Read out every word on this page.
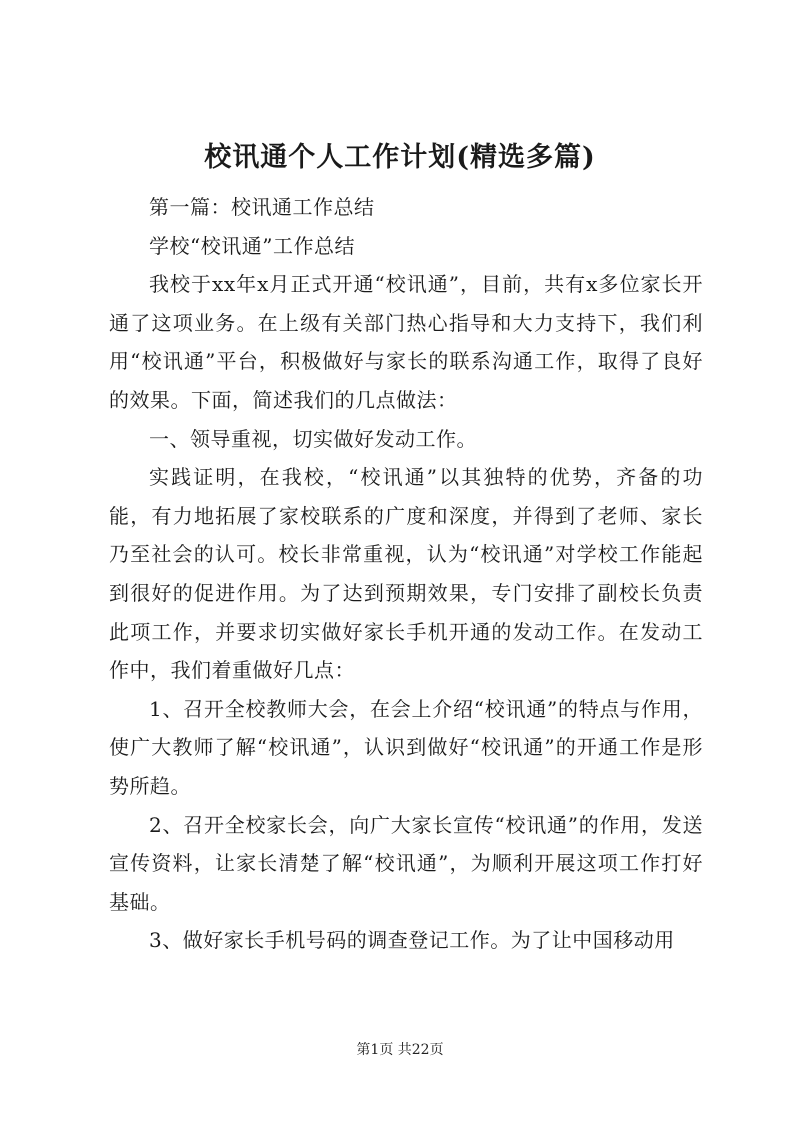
校讯通个人工作计划(精选多篇)

第一篇：校讯通工作总结

学校“校讯通”工作总结

我校于xx年x月正式开通“校讯通”，目前，共有x多位家长开通了这项业务。在上级有关部门热心指导和大力支持下，我们利用“校讯通”平台，积极做好与家长的联系沟通工作，取得了良好的效果。下面，简述我们的几点做法：

一、领导重视，切实做好发动工作。

实践证明，在我校，“校讯通”以其独特的优势，齐备的功能，有力地拓展了家校联系的广度和深度，并得到了老师、家长乃至社会的认可。校长非常重视，认为“校讯通”对学校工作能起到很好的促进作用。为了达到预期效果，专门安排了副校长负责此项工作，并要求切实做好家长手机开通的发动工作。在发动工作中，我们着重做好几点：

1、召开全校教师大会，在会上介绍“校讯通”的特点与作用，使广大教师了解“校讯通”，认识到做好“校讯通”的开通工作是形势所趋。

2、召开全校家长会，向广大家长宣传“校讯通”的作用，发送宣传资料，让家长清楚了解“校讯通”，为顺利开展这项工作打好基础。

3、做好家长手机号码的调查登记工作。为了让中国移动用

第1页 共22页
